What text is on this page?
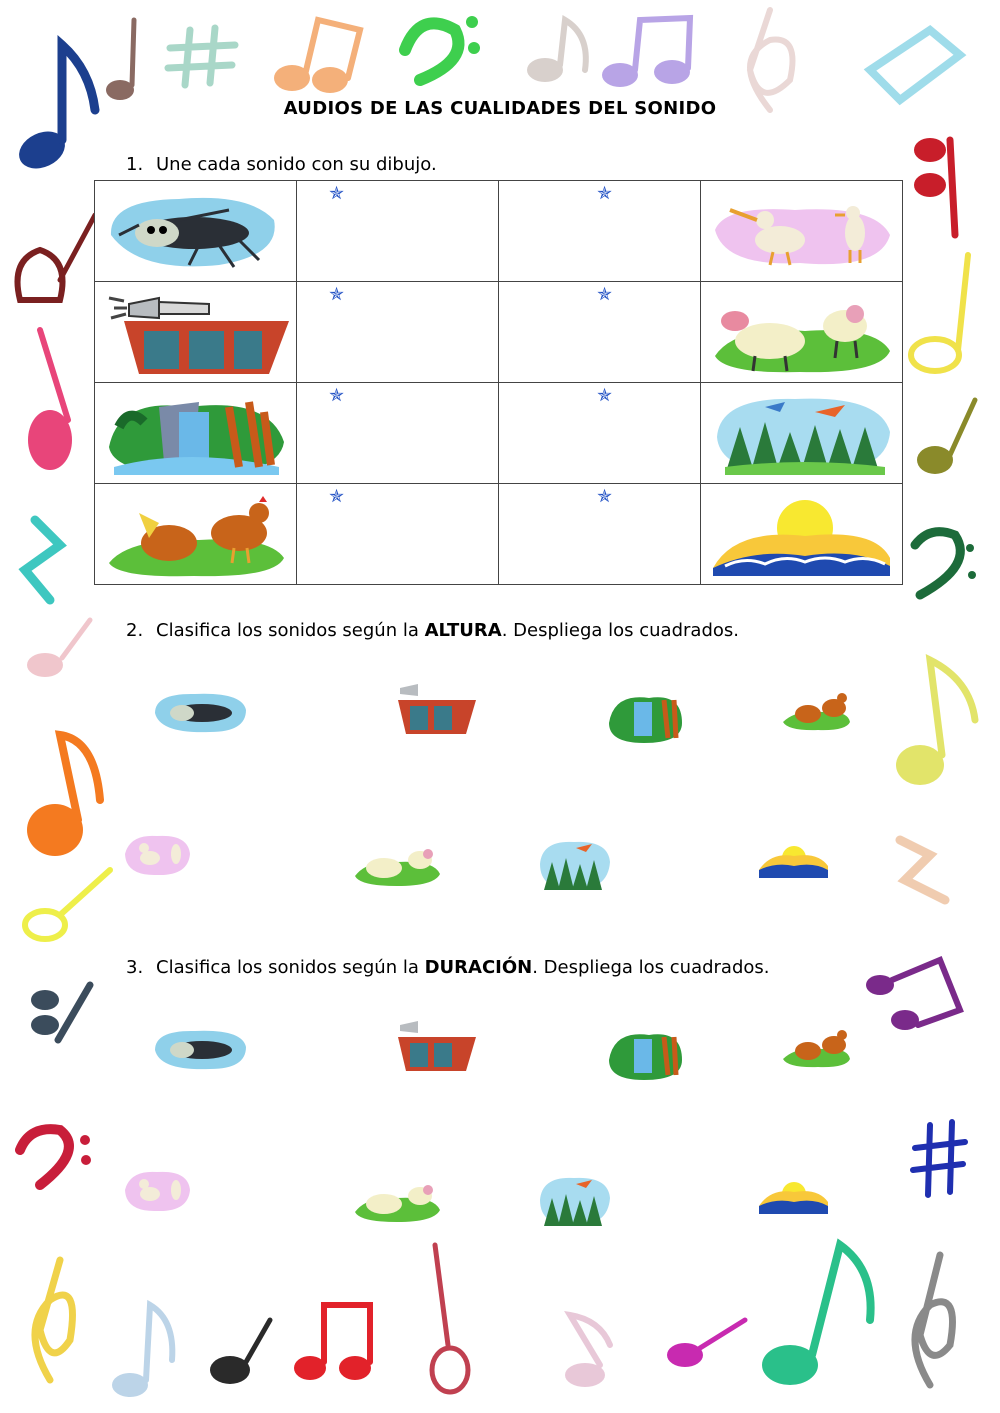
AUDIOS DE LAS CUALIDADES DEL SONIDO
1. Une cada sonido con su dibujo.

✯	✯

✯	✯

✯	✯

✯	✯

2. Clasifica los sonidos según la ALTURA. Despliega los cuadrados.
3. Clasifica los sonidos según la DURACIÓN. Despliega los cuadrados.
